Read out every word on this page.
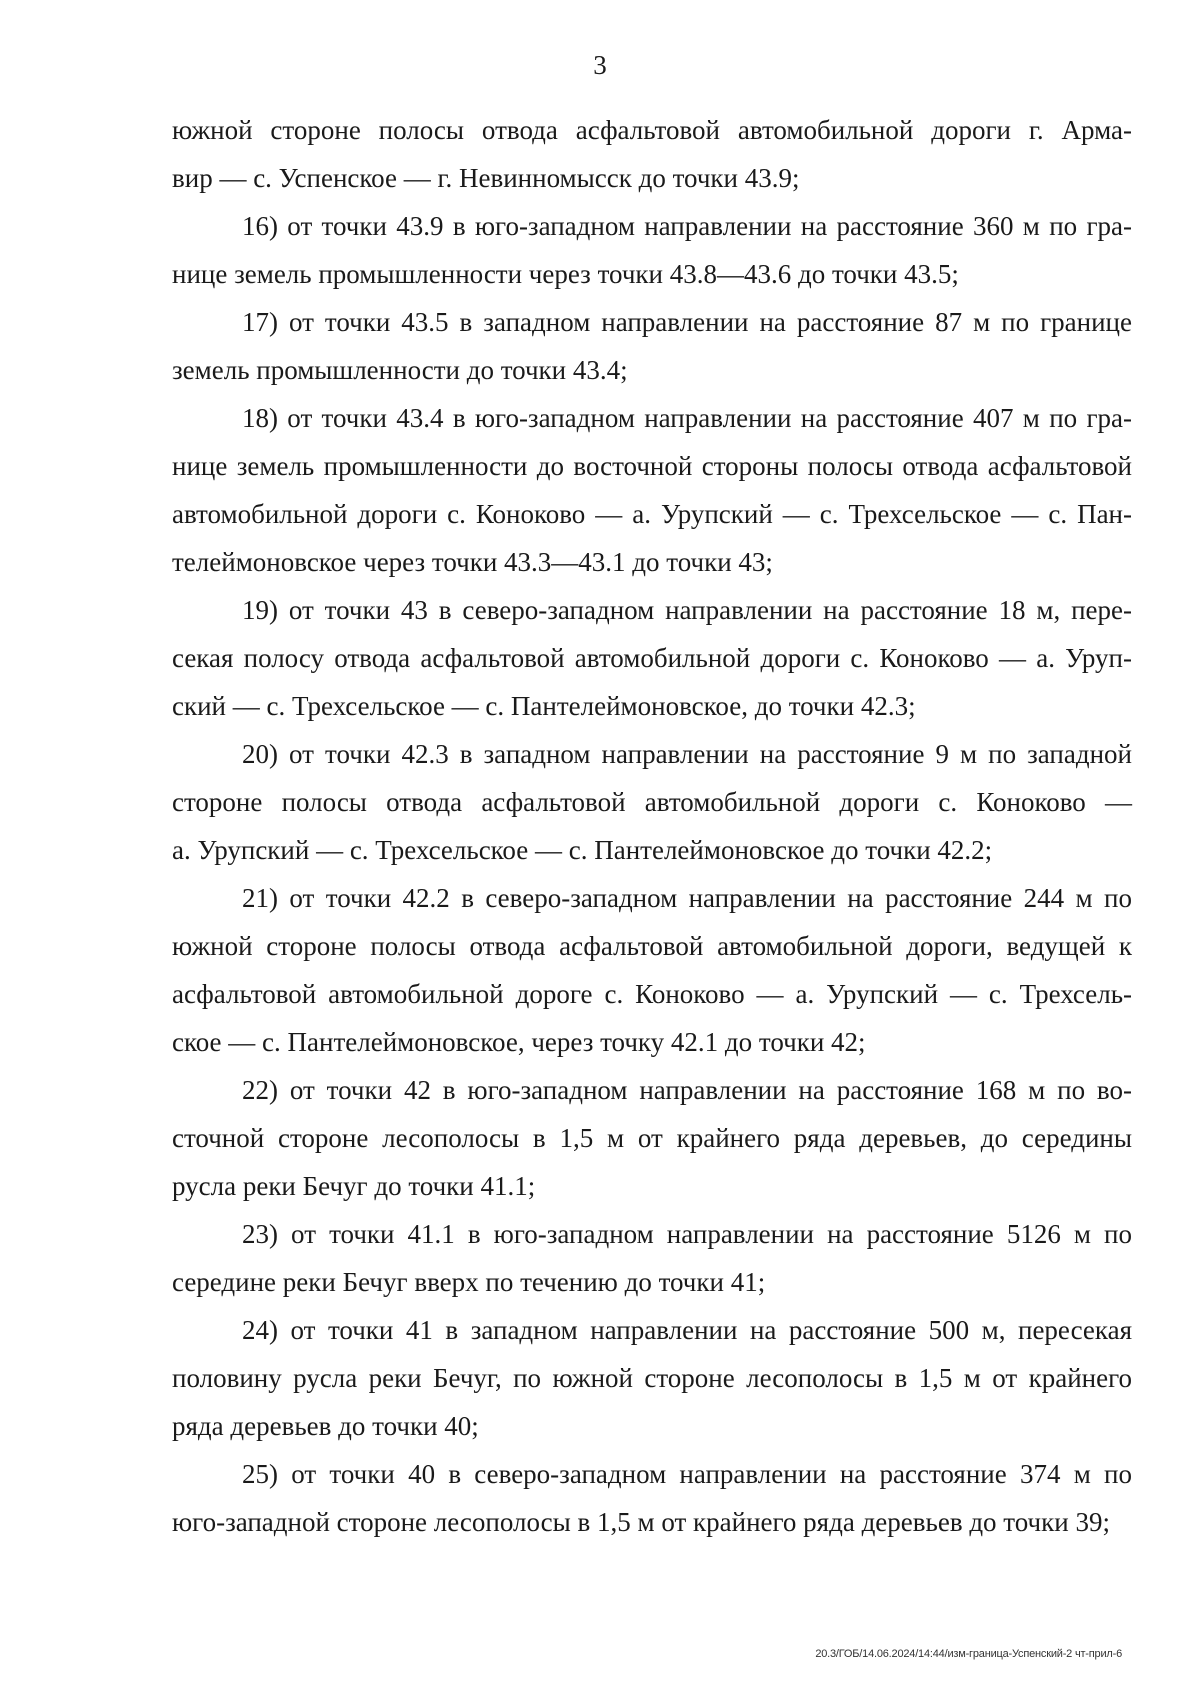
3
южной стороне полосы отвода асфальтовой автомобильной дороги г. Арма-
вир — с. Успенское — г. Невинномысск до точки 43.9;
16) от точки 43.9 в юго-западном направлении на расстояние 360 м по гра-
нице земель промышленности через точки 43.8—43.6 до точки 43.5;
17) от точки 43.5 в западном направлении на расстояние 87 м по границе
земель промышленности до точки 43.4;
18) от точки 43.4 в юго-западном направлении на расстояние 407 м по гра-
нице земель промышленности до восточной стороны полосы отвода асфальтовой
автомобильной дороги с. Коноково — а. Урупский — с. Трехсельское — с. Пан-
телеймоновское через точки 43.3—43.1 до точки 43;
19) от точки 43 в северо-западном направлении на расстояние 18 м, пере-
секая полосу отвода асфальтовой автомобильной дороги с. Коноково — а. Уруп-
ский — с. Трехсельское — с. Пантелеймоновское, до точки 42.3;
20) от точки 42.3 в западном направлении на расстояние 9 м по западной
стороне полосы отвода асфальтовой автомобильной дороги с. Коноково —
а. Урупский — с. Трехсельское — с. Пантелеймоновское до точки 42.2;
21) от точки 42.2 в северо-западном направлении на расстояние 244 м по
южной стороне полосы отвода асфальтовой автомобильной дороги, ведущей к
асфальтовой автомобильной дороге с. Коноково — а. Урупский — с. Трехсель-
ское — с. Пантелеймоновское, через точку 42.1 до точки 42;
22) от точки 42 в юго-западном направлении на расстояние 168 м по во-
сточной стороне лесополосы в 1,5 м от крайнего ряда деревьев, до середины
русла реки Бечуг до точки 41.1;
23) от точки 41.1 в юго-западном направлении на расстояние 5126 м по
середине реки Бечуг вверх по течению до точки 41;
24) от точки 41 в западном направлении на расстояние 500 м, пересекая
половину русла реки Бечуг, по южной стороне лесополосы в 1,5 м от крайнего
ряда деревьев до точки 40;
25) от точки 40 в северо-западном направлении на расстояние 374 м по
юго-западной стороне лесополосы в 1,5 м от крайнего ряда деревьев до точки 39;
20.3/ГОБ/14.06.2024/14:44/изм-граница-Успенский-2 чт-прил-6
